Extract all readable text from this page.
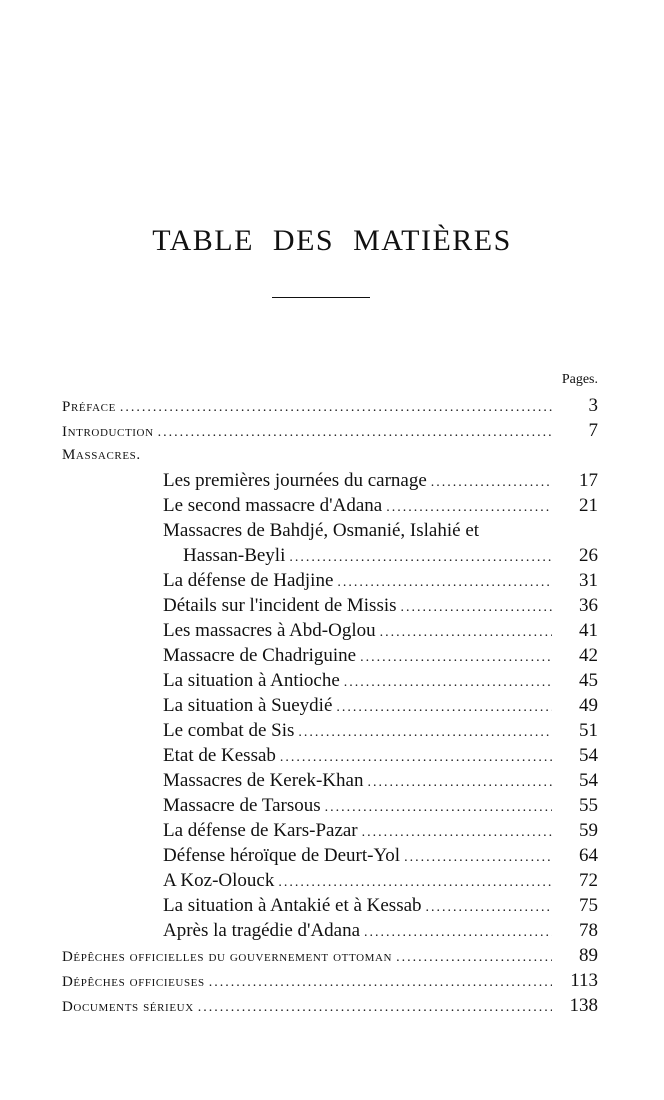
TABLE DES MATIÈRES
Pages.
Préface .....	3
Introduction .....	7
Massacres.
Les premières journées du carnage .....	17
Le second massacre d'Adana .....	21
Massacres de Bahdjé, Osmanié, Islahié et
Hassan-Beyli .....	26
La défense de Hadjine .....	31
Détails sur l'incident de Missis .....	36
Les massacres à Abd-Oglou .....	41
Massacre de Chadriguine .....	42
La situation à Antioche .....	45
La situation à Sueydié .....	49
Le combat de Sis .....	51
Etat de Kessab .....	54
Massacres de Kerek-Khan .....	54
Massacre de Tarsous .....	55
La défense de Kars-Pazar .....	59
Défense héroïque de Deurt-Yol .....	64
A Koz-Olouck .....	72
La situation à Antakié et à Kessab .....	75
Après la tragédie d'Adana .....	78
Dépêches officielles du gouvernement ottoman .....	89
Dépêches officieuses .....	113
Documents sérieux .....	138
